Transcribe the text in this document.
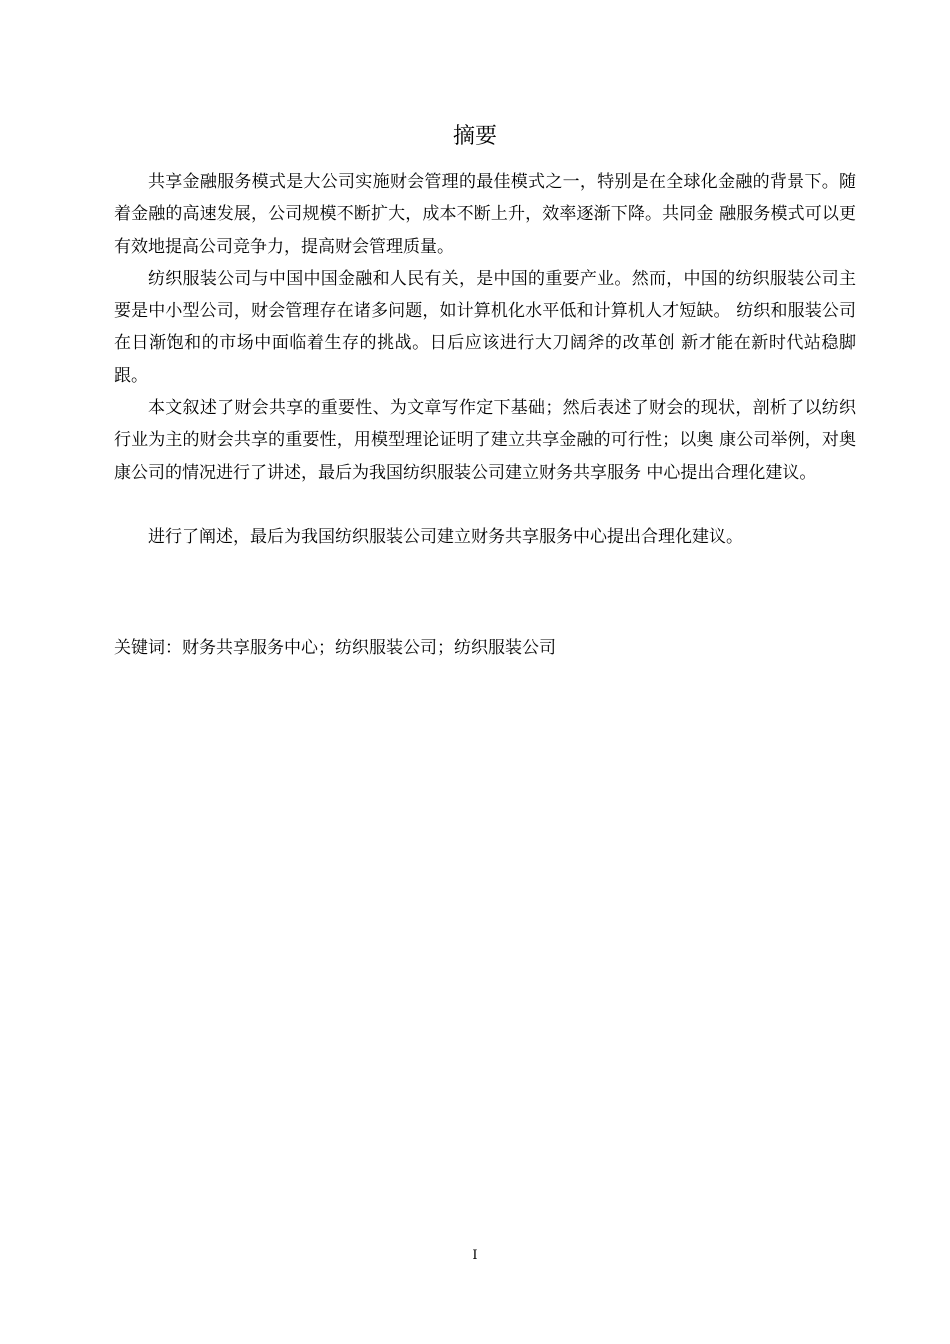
摘要

共享金融服务模式是大公司实施财会管理的最佳模式之一，特别是在全球化金融的背景下。随着金融的高速发展，公司规模不断扩大，成本不断上升，效率逐渐下降。共同金 融服务模式可以更有效地提高公司竞争力，提高财会管理质量。

纺织服装公司与中国中国金融和人民有关，是中国的重要产业。然而，中国的纺织服装公司主要是中小型公司，财会管理存在诸多问题，如计算机化水平低和计算机人才短缺。 纺织和服装公司在日渐饱和的市场中面临着生存的挑战。日后应该进行大刀阔斧的改革创 新才能在新时代站稳脚跟。

本文叙述了财会共享的重要性、为文章写作定下基础；然后表述了财会的现状，剖析了以纺织行业为主的财会共享的重要性，用模型理论证明了建立共享金融的可行性；以奥 康公司举例，对奥康公司的情况进行了讲述，最后为我国纺织服装公司建立财务共享服务 中心提出合理化建议。

进行了阐述，最后为我国纺织服装公司建立财务共享服务中心提出合理化建议。

关键词：财务共享服务中心；纺织服装公司；纺织服装公司
I
